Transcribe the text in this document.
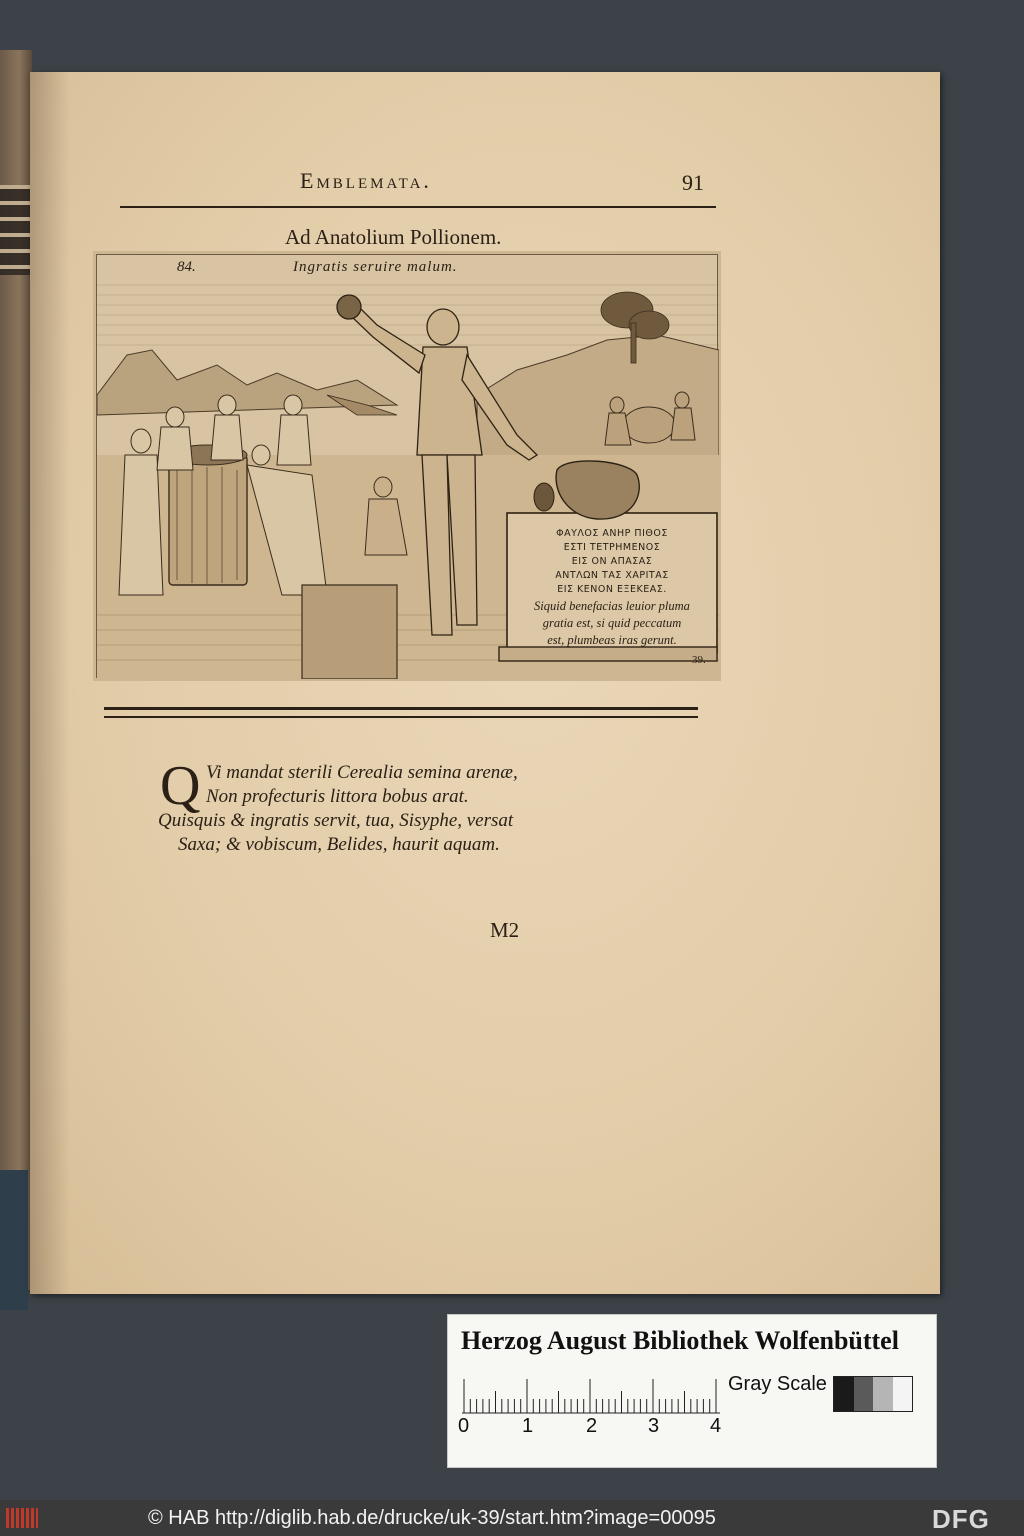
Emblemata.	91
Ad Anatolium Pollionem.
84.	Ingratis seruire malum.
39.
ΦΑΥΛΟΣ ΑΝΗΡ ΠΙΘΟΣ
ΕΣΤΙ ΤΕΤΡΗΜΕΝΟΣ
ΕΙΣ ΟΝ ΑΠΑΣΑΣ
ΑΝΤΛΩΝ ΤΑΣ ΧΑΡΙΤΑΣ
ΕΙΣ ΚΕΝΟΝ ΕΞΕΚΕΑΣ.
Siquid benefacias leuior pluma
gratia est, si quid peccatum
est, plumbeas iras gerunt.
Q Vi mandat sterili Cerealia semina arenæ,
Non profecturis littora bobus arat.
Quisquis & ingratis servit, tua, Sisyphe, versat
Saxa; & vobiscum, Belides, haurit aquam.
M2
Herzog August Bibliothek Wolfenbüttel
0	1	2	3	4
Gray Scale
© HAB http://diglib.hab.de/drucke/uk-39/start.htm?image=00095	DFG
